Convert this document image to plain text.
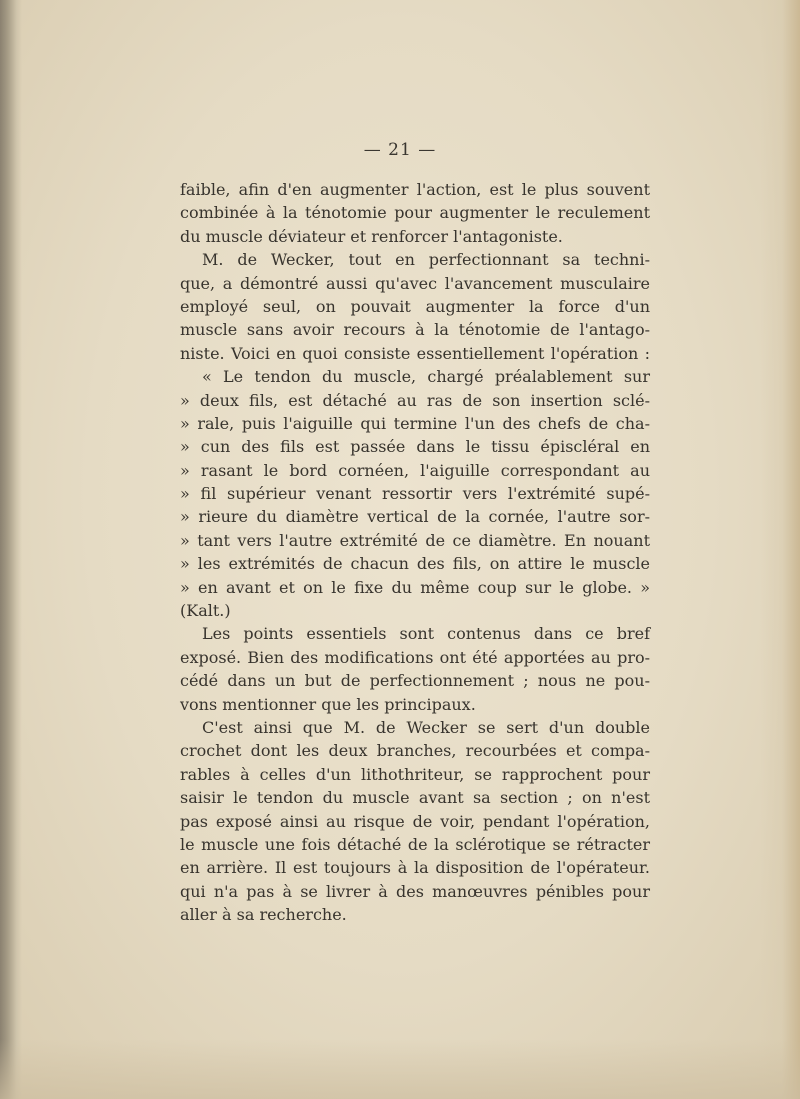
— 21 —
faible, afin d'en augmenter l'action, est le plus souvent
combinée à la ténotomie pour augmenter le reculement
du muscle déviateur et renforcer l'antagoniste.
M. de Wecker, tout en perfectionnant sa techni-
que, a démontré aussi qu'avec l'avancement musculaire
employé seul, on pouvait augmenter la force d'un
muscle sans avoir recours à la ténotomie de l'antago-
niste. Voici en quoi consiste essentiellement l'opération :
« Le tendon du muscle, chargé préalablement sur
» deux fils, est détaché au ras de son insertion sclé-
» rale, puis l'aiguille qui termine l'un des chefs de cha-
» cun des fils est passée dans le tissu épiscléral en
» rasant le bord cornéen, l'aiguille correspondant au
» fil supérieur venant ressortir vers l'extrémité supé-
» rieure du diamètre vertical de la cornée, l'autre sor-
» tant vers l'autre extrémité de ce diamètre. En nouant
» les extrémités de chacun des fils, on attire le muscle
» en avant et on le fixe du même coup sur le globe. »
(Kalt.)
Les points essentiels sont contenus dans ce bref
exposé. Bien des modifications ont été apportées au pro-
cédé dans un but de perfectionnement ; nous ne pou-
vons mentionner que les principaux.
C'est ainsi que M. de Wecker se sert d'un double
crochet dont les deux branches, recourbées et compa-
rables à celles d'un lithothriteur, se rapprochent pour
saisir le tendon du muscle avant sa section ; on n'est
pas exposé ainsi au risque de voir, pendant l'opération,
le muscle une fois détaché de la sclérotique se rétracter
en arrière. Il est toujours à la disposition de l'opérateur.
qui n'a pas à se livrer à des manœuvres pénibles pour
aller à sa recherche.
